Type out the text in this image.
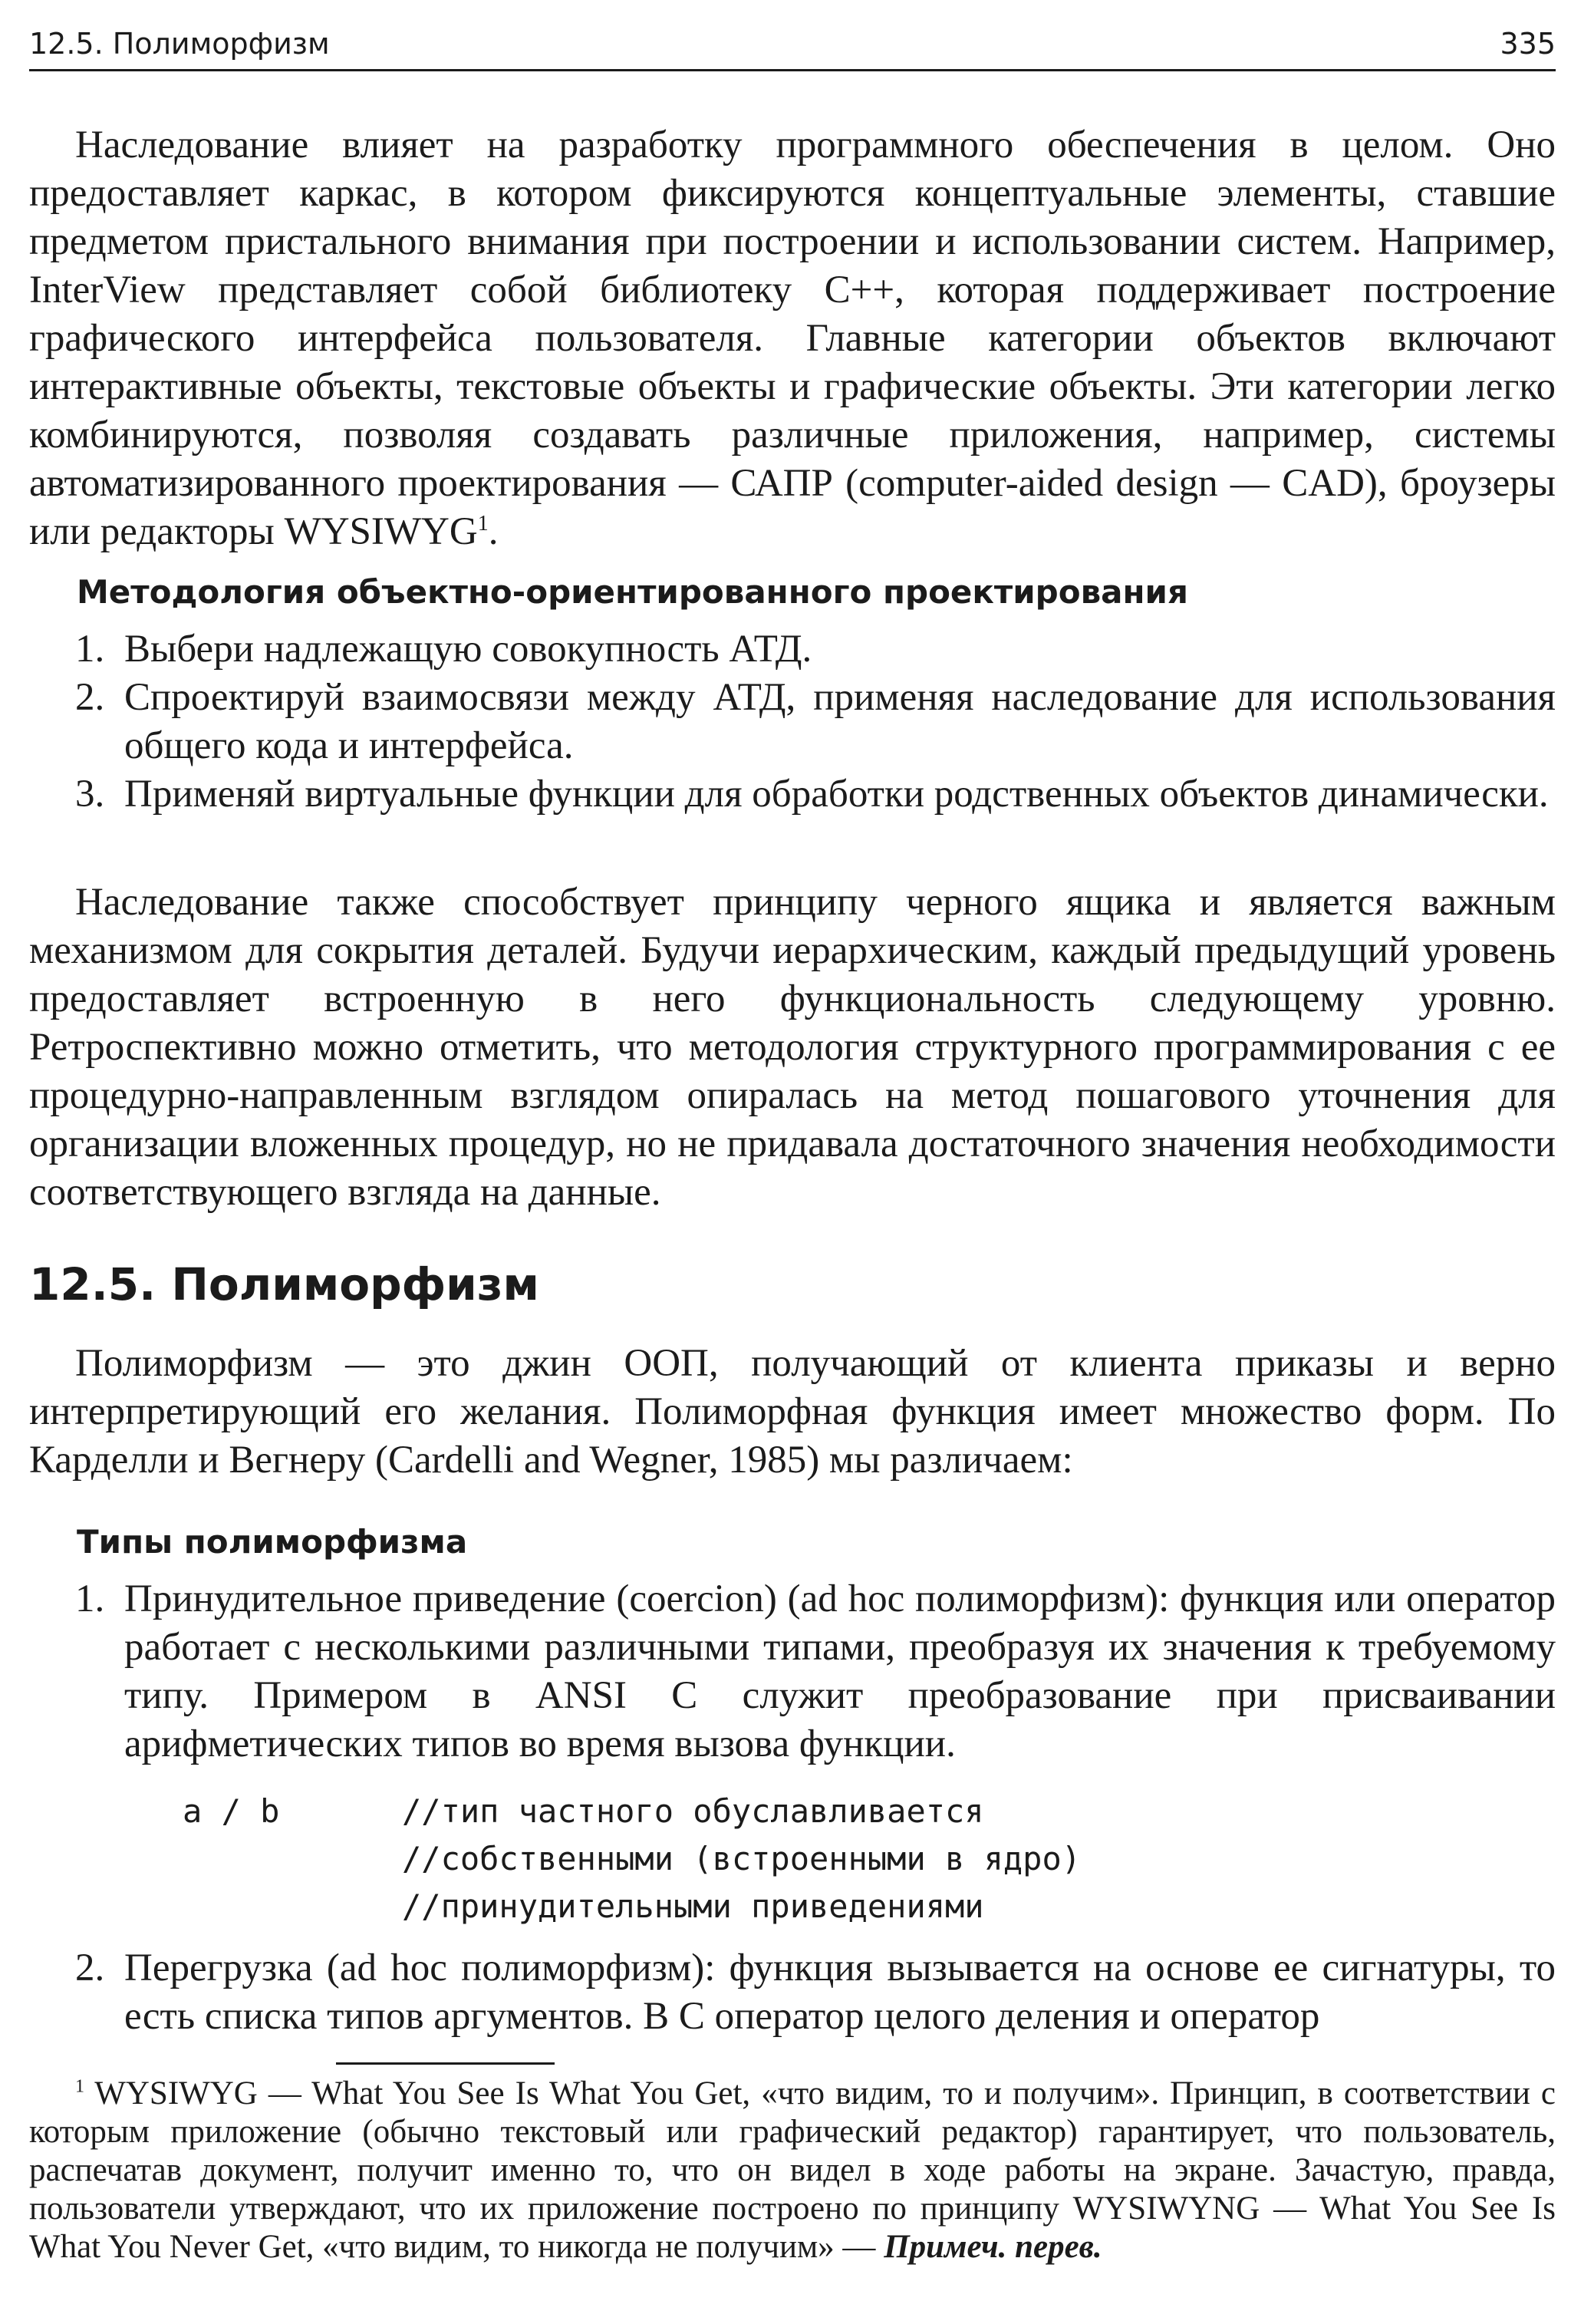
12.5. Полиморфизм	335

Наследование влияет на разработку программного обеспечения в целом. Оно предоставляет каркас, в котором фиксируются концептуальные элементы, ставшие предметом пристального внимания при построении и использовании систем. Например, InterView представляет собой библиотеку C++, которая поддерживает построение графического интерфейса пользователя. Главные категории объектов включают интерактивные объекты, текстовые объекты и графические объекты. Эти категории легко комбинируются, позволяя создавать различные приложения, например, системы автоматизированного проектирования — САПР (computer-aided design — CAD), броузеры или редакторы WYSIWYG$^1$.

Методология объектно-ориентированного проектирования
1. Выбери надлежащую совокупность АТД.
2. Спроектируй взаимосвязи между АТД, применяя наследование для использования общего кода и интерфейса.
3. Применяй виртуальные функции для обработки родственных объектов динамически.

Наследование также способствует принципу черного ящика и является важным механизмом для сокрытия деталей. Будучи иерархическим, каждый предыдущий уровень предоставляет встроенную в него функциональность следующему уровню. Ретроспективно можно отметить, что методология структурного программирования с ее процедурно-направленным взглядом опиралась на метод пошагового уточнения для организации вложенных процедур, но не придавала достаточного значения необходимости соответствующего взгляда на данные.

12.5. Полиморфизм

Полиморфизм — это джин ООП, получающий от клиента приказы и верно интерпретирующий его желания. Полиморфная функция имеет множество форм. По Карделли и Вегнеру (Cardelli and Wegner, 1985) мы различаем:

Типы полиморфизма
1. Принудительное приведение (coercion) (ad hoc полиморфизм): функция или оператор работает с несколькими различными типами, преобразуя их значения к требуемому типу. Примером в ANSI C служит преобразование при присваивании арифметических типов во время вызова функции.
a / b	//тип частного обуславливается
//собственными (встроенными в ядро)
//принудительными приведениями
2. Перегрузка (ad hoc полиморфизм): функция вызывается на основе ее сигнатуры, то есть списка типов аргументов. В C оператор целого деления и оператор

$^1$ WYSIWYG — What You See Is What You Get, «что видим, то и получим». Принцип, в соответствии с которым приложение (обычно текстовый или графический редактор) гарантирует, что пользователь, распечатав документ, получит именно то, что он видел в ходе работы на экране. Зачастую, правда, пользователи утверждают, что их приложение построено по принципу WYSIWYNG — What You See Is What You Never Get, «что видим, то никогда не получим» — Примеч. перев.
